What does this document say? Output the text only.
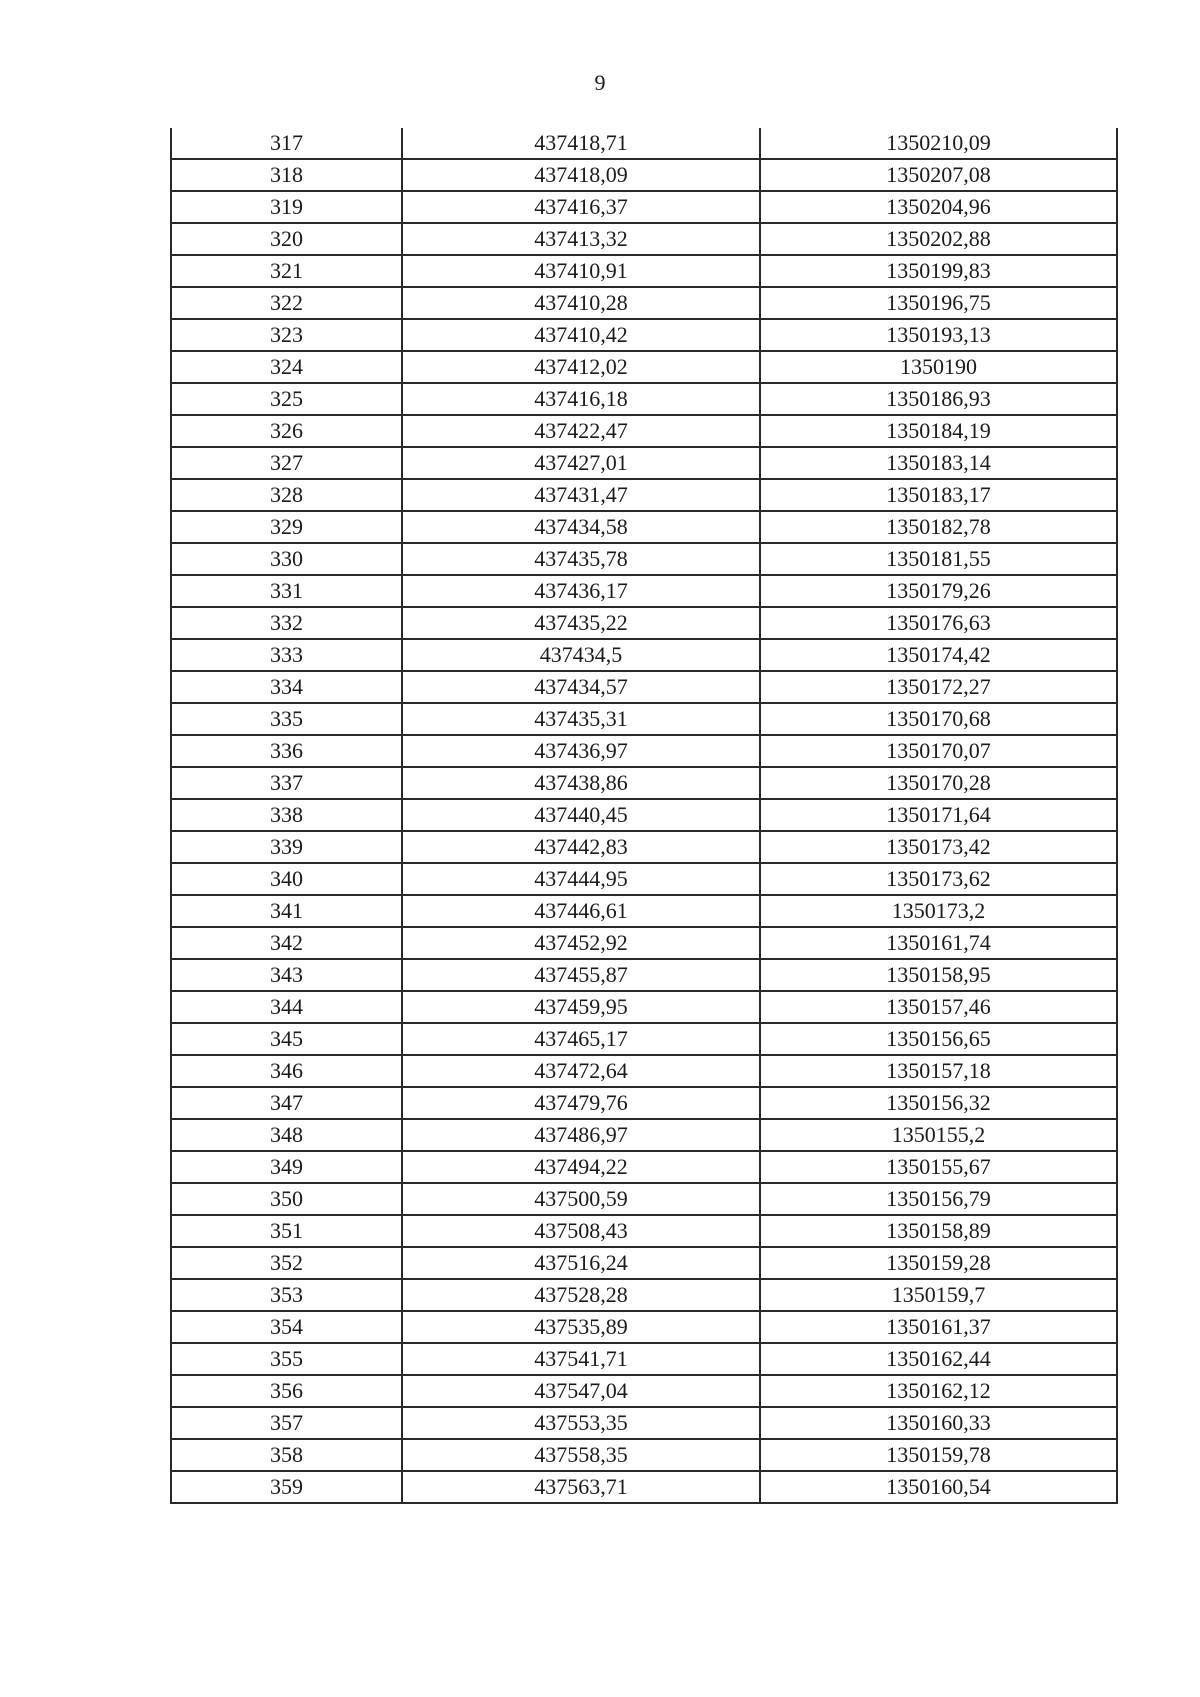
9
317	437418,71	1350210,09
318	437418,09	1350207,08
319	437416,37	1350204,96
320	437413,32	1350202,88
321	437410,91	1350199,83
322	437410,28	1350196,75
323	437410,42	1350193,13
324	437412,02	1350190
325	437416,18	1350186,93
326	437422,47	1350184,19
327	437427,01	1350183,14
328	437431,47	1350183,17
329	437434,58	1350182,78
330	437435,78	1350181,55
331	437436,17	1350179,26
332	437435,22	1350176,63
333	437434,5	1350174,42
334	437434,57	1350172,27
335	437435,31	1350170,68
336	437436,97	1350170,07
337	437438,86	1350170,28
338	437440,45	1350171,64
339	437442,83	1350173,42
340	437444,95	1350173,62
341	437446,61	1350173,2
342	437452,92	1350161,74
343	437455,87	1350158,95
344	437459,95	1350157,46
345	437465,17	1350156,65
346	437472,64	1350157,18
347	437479,76	1350156,32
348	437486,97	1350155,2
349	437494,22	1350155,67
350	437500,59	1350156,79
351	437508,43	1350158,89
352	437516,24	1350159,28
353	437528,28	1350159,7
354	437535,89	1350161,37
355	437541,71	1350162,44
356	437547,04	1350162,12
357	437553,35	1350160,33
358	437558,35	1350159,78
359	437563,71	1350160,54
